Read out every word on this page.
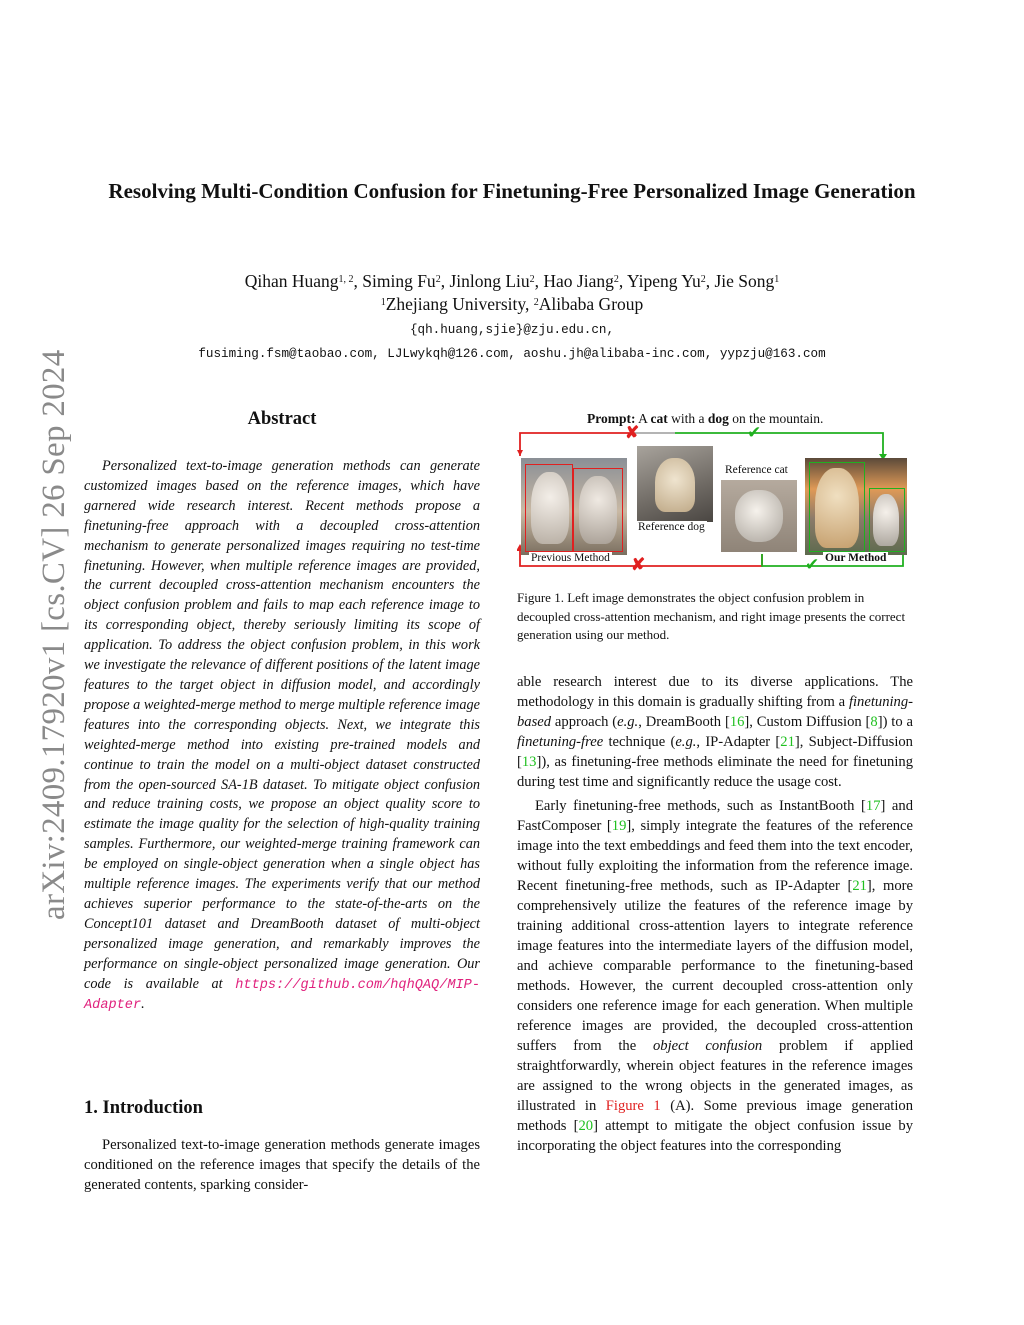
Resolving Multi-Condition Confusion for Finetuning-Free Personalized Image Generation
Qihan Huang$^{1, 2}$, Siming Fu$^2$, Jinlong Liu$^2$, Hao Jiang$^2$, Yipeng Yu$^2$, Jie Song$^1$
$^1$Zhejiang University, $^2$Alibaba Group
{qh.huang,sjie}@zju.edu.cn,
fusiming.fsm@taobao.com, LJLwykqh@126.com, aoshu.jh@alibaba-inc.com, yypzju@163.com
arXiv:2409.17920v1 [cs.CV] 26 Sep 2024	Abstract
Personalized text-to-image generation methods can generate customized images based on the reference images, which have garnered wide research interest. Recent methods propose a finetuning-free approach with a decoupled cross-attention mechanism to generate personalized images requiring no test-time finetuning. However, when multiple reference images are provided, the current decoupled cross-attention mechanism encounters the object confusion problem and fails to map each reference image to its corresponding object, thereby seriously limiting its scope of application. To address the object confusion problem, in this work we investigate the relevance of different positions of the latent image features to the target object in diffusion model, and accordingly propose a weighted-merge method to merge multiple reference image features into the corresponding objects. Next, we integrate this weighted-merge method into existing pre-trained models and continue to train the model on a multi-object dataset constructed from the open-sourced SA-1B dataset. To mitigate object confusion and reduce training costs, we propose an object quality score to estimate the image quality for the selection of high-quality training samples. Furthermore, our weighted-merge training framework can be employed on single-object generation when a single object has multiple reference images. The experiments verify that our method achieves superior performance to the state-of-the-arts on the Concept101 dataset and DreamBooth dataset of multi-object personalized image generation, and remarkably improves the performance on single-object personalized image generation. Our code is available at https://github.com/hqhQAQ/MIP-Adapter.
1. Introduction

Personalized text-to-image generation methods generate images conditioned on the reference images that specify the details of the generated contents, sparking consider-

Prompt: A cat with a dog on the mountain.
✘	✔
Previous Method
Reference dog
Reference cat
Our Method
✘	✔
Figure 1. Left image demonstrates the object confusion problem in decoupled cross-attention mechanism, and right image presents the correct generation using our method.

able research interest due to its diverse applications. The methodology in this domain is gradually shifting from a finetuning-based approach (e.g., DreamBooth [16], Custom Diffusion [8]) to a finetuning-free technique (e.g., IP-Adapter [21], Subject-Diffusion [13]), as finetuning-free methods eliminate the need for finetuning during test time and significantly reduce the usage cost.

Early finetuning-free methods, such as InstantBooth [17] and FastComposer [19], simply integrate the features of the reference image into the text embeddings and feed them into the text encoder, without fully exploiting the information from the reference image. Recent finetuning-free methods, such as IP-Adapter [21], more comprehensively utilize the features of the reference image by training additional cross-attention layers to integrate reference image features into the intermediate layers of the diffusion model, and achieve comparable performance to the finetuning-based methods. However, the current decoupled cross-attention only considers one reference image for each generation. When multiple reference images are provided, the decoupled cross-attention suffers from the object confusion problem if applied straightforwardly, wherein object features in the reference images are assigned to the wrong objects in the generated images, as illustrated in Figure 1 (A). Some previous image generation methods [20] attempt to mitigate the object confusion issue by incorporating the object features into the corresponding
